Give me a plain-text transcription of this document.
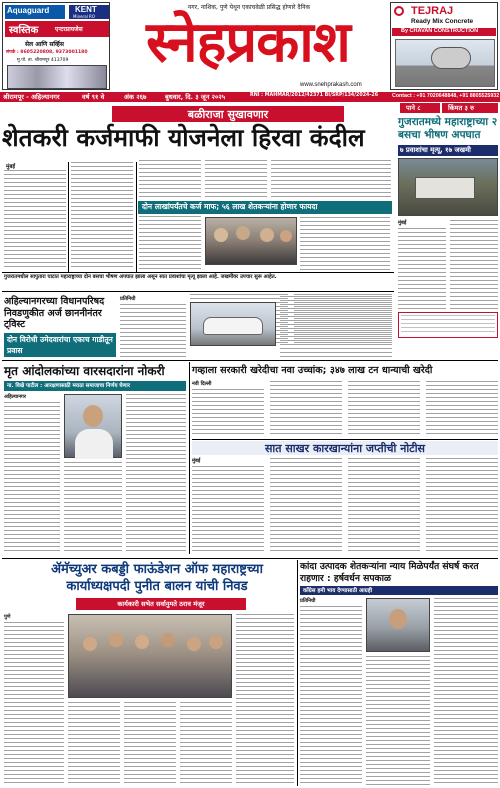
Aquaguard	KENT
Mineral RO
स्वस्तिक	एन्टरप्रायजेस
सेल आणि सर्व्हिस
संपर्क : 8605220808, 9373001180
मु.पो. ता. श्रीरामपूर 413709
नगर, नाशिक, पुणे येथून एकाचवेळी प्रसिद्ध होणारे दैनिक
स्नेहप्रकाश
www.snehprakash.com
TEJRAJ
Ready Mix Concrete
By CHAVAN CONSTRUCTION
Contact : +91 7020648848, +91 8805525932
श्रीरामपूर - अहिल्यानगर	वर्ष ९१ वे	अंक २६७	बुधवार, दि. ३ जून २०२५	RNI : MAHMAR/2012/42371 BI/SRP/134/2024-26
पाने ८	किंमत ३ रु
बळीराजा सुखावणार
शेतकरी कर्जमाफी योजनेला हिरवा कंदील
मुंबई
दोन लाखांपर्यंतचे कर्ज माफ; ५६ लाख शेतकऱ्यांना होणार फायदा
गुजरातमध्ये महाराष्ट्राच्या २ बसचा भीषण अपघात
७ प्रवाशांचा मृत्यू, १७ जखमी
मुंबई
गुजरातमधील सापुतारा घाटात महाराष्ट्राच्या दोन बसचा भीषण अपघात झाला असून सात प्रवाशांचा मृत्यू झाला आहे. जखमींवर उपचार सुरू आहेत.
अहिल्यानगरच्या विधानपरिषद निवडणुकीत अर्ज छाननीनंतर ट्विस्ट
दोन विरोधी उमेदवारांचा एकाच गाडीतून प्रवास
प्रतिनिधी
मृत आंदोलकांच्या वारसदारांना नोकरी
ना. विखे पाटील : आरक्षणासाठी मराठा समाजाचा निर्णय घेणार
अहिल्यानगर
गव्हाला सरकारी खरेदीचा नवा उच्चांक; ३४७ लाख टन धान्याची खरेदी
नवी दिल्ली
सात साखर कारखान्यांना जप्तीची नोटीस
मुंबई
ॲमॅच्युअर कबड्डी फाऊंडेशन ऑफ महाराष्ट्रच्या कार्याध्यक्षपदी पुनीत बालन यांची निवड
कार्यकारी सभेत सर्वानुमते ठराव मंजूर
पुणे
कांदा उत्पादक शेतकऱ्यांना न्याय मिळेपर्यंत संघर्ष करत राहणार : हर्षवर्धन सपकाळ
काँग्रेस हमी भाव देण्यासाठी आग्रही
प्रतिनिधी
